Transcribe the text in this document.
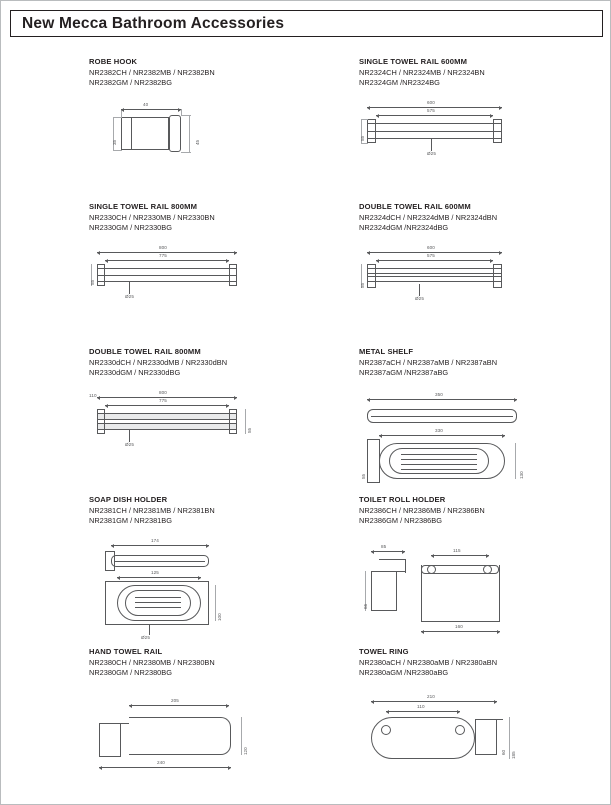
New Mecca Bathroom Accessories
ROBE HOOK
NR2382CH / NR2382MB / NR2382BN
NR2382GM / NR2382BG
40
35	45
SINGLE TOWEL RAIL 600MM
NR2324CH / NR2324MB / NR2324BN
NR2324GM /NR2324BG
600
575
55
Ø25
SINGLE TOWEL RAIL 800MM
NR2330CH / NR2330MB / NR2330BN
NR2330GM / NR2330BG
800
775
55
Ø25
DOUBLE TOWEL RAIL 600MM
NR2324dCH / NR2324dMB / NR2324dBN
NR2324dGM /NR2324dBG
600
575
55
Ø25
DOUBLE TOWEL RAIL 800MM
NR2330dCH / NR2330dMB / NR2330dBN
NR2330dGM / NR2330dBG
800
775
110
55
Ø25
METAL SHELF
NR2387aCH / NR2387aMB / NR2387aBN
NR2387aGM /NR2387aBG
350
330
130
55
SOAP DISH HOLDER
NR2381CH / NR2381MB / NR2381BN
NR2381GM / NR2381BG
174
125
100
Ø25
TOILET ROLL HOLDER
NR2386CH / NR2386MB / NR2386BN
NR2386GM / NR2386BG
85
66
115
160
HAND TOWEL RAIL
NR2380CH / NR2380MB / NR2380BN
NR2380GM / NR2380BG
205
240
120
TOWEL RING
NR2380aCH / NR2380aMB / NR2380aBN
NR2380aGM /NR2380aBG
210
110
185
60
